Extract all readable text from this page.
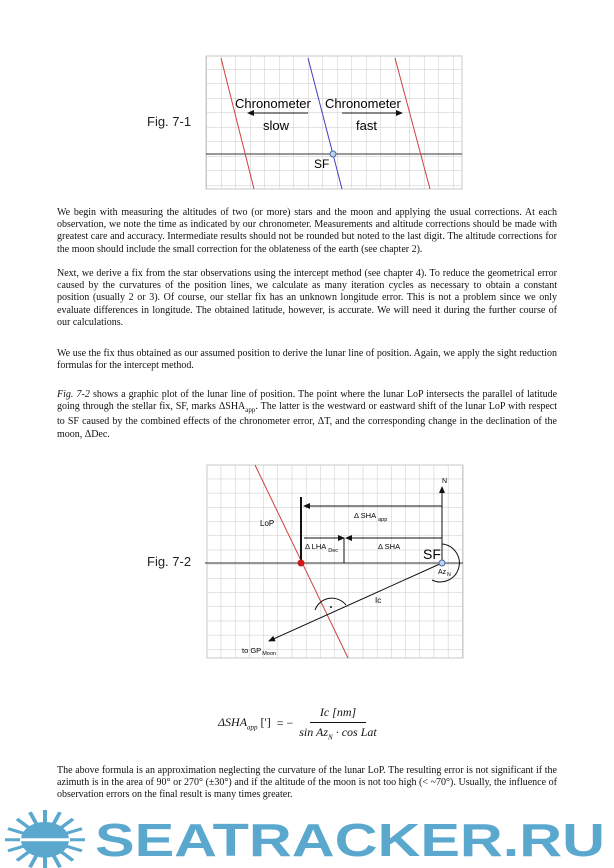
Fig. 7-1
Chronometer
slow
Chronometer
fast
SF
We begin with measuring the altitudes of two (or more) stars and the moon and applying the usual corrections. At each observation, we note the time as indicated by our chronometer. Measurements and altitude corrections should be made with greatest care and accuracy. Intermediate results should not be rounded but noted to the last digit. The altitude corrections for the moon should include the small correction for the oblateness of the earth (see chapter 2).
Next, we derive a fix from the star observations using the intercept method (see chapter 4). To reduce the geometrical error caused by the curvatures of the position lines, we calculate as many iteration cycles as necessary to obtain a constant position (usually 2 or 3). Of course, our stellar fix has an unknown longitude error. This is not a problem since we only evaluate differences in longitude. The obtained latitude, however, is accurate. We will need it during the further course of our calculations.
We use the fix thus obtained as our assumed position to derive the lunar line of position. Again, we apply the sight reduction formulas for the intercept method.
Fig. 7-2 shows a graphic plot of the lunar line of position. The point where the lunar LoP intersects the parallel of latitude going through the stellar fix, SF, marks $\Delta SHA_{app}$. The latter is the westward or eastward shift of the lunar LoP with respect to SF caused by the combined effects of the chronometer error, ΔT, and the corresponding change in the declination of the moon, ΔDec.
Fig. 7-2
N
LoP
Δ SHA $_{app}$
Δ LHA $_{Dec}$	Δ SHA SF
$Az_N$
Ic
to $GP_{Moon}$
$\Delta SHA_{app}$ ['] = − $\frac{Ic [nm]}{\sin Az_N \cdot \cos Lat}$
The above formula is an approximation neglecting the curvature of the lunar LoP. The resulting error is not significant if the azimuth is in the area of 90° or 270° (±30°) and if the altitude of the moon is not too high (< ~70°). Usually, the influence of observation errors on the final result is many times greater.
SEATRACKER.RU
